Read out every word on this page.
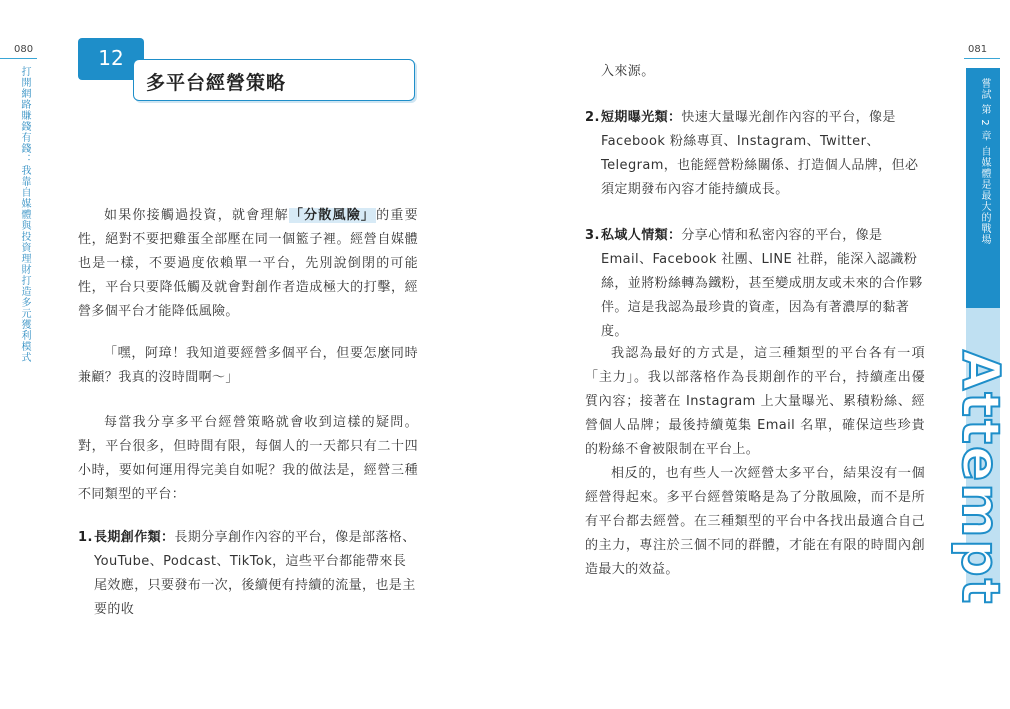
080
打開網路賺錢有錢：我靠自媒體與投資理財打造多元獲利模式
12
多平台經營策略

如果你接觸過投資，就會理解「分散風險」的重要性，絕對不要把雞蛋全部壓在同一個籃子裡。經營自媒體也是一樣，不要過度依賴單一平台，先別說倒閉的可能性，平台只要降低觸及就會對創作者造成極大的打擊，經營多個平台才能降低風險。

「嘿，阿璋！我知道要經營多個平台，但要怎麼同時兼顧？我真的沒時間啊～」

每當我分享多平台經營策略就會收到這樣的疑問。對，平台很多，但時間有限，每個人的一天都只有二十四小時，要如何運用得完美自如呢？我的做法是，經營三種不同類型的平台：

1. 長期創作類：長期分享創作內容的平台，像是部落格、YouTube、Podcast、TikTok，這些平台都能帶來長尾效應，只要發布一次，後續便有持續的流量，也是主要的收
081
入來源。
2. 短期曝光類：快速大量曝光創作內容的平台，像是 Facebook 粉絲專頁、Instagram、Twitter、Telegram，也能經營粉絲關係、打造個人品牌，但必須定期發布內容才能持續成長。
3. 私域人情類：分享心情和私密內容的平台，像是 Email、Facebook 社團、LINE 社群，能深入認識粉絲，並將粉絲轉為鐵粉，甚至變成朋友或未來的合作夥伴。這是我認為最珍貴的資產，因為有著濃厚的黏著度。

我認為最好的方式是，這三種類型的平台各有一項「主力」。我以部落格作為長期創作的平台，持續產出優質內容；接著在 Instagram 上大量曝光、累積粉絲、經營個人品牌；最後持續蒐集 Email 名單，確保這些珍貴的粉絲不會被限制在平台上。

相反的，也有些人一次經營太多平台，結果沒有一個經營得起來。多平台經營策略是為了分散風險，而不是所有平台都去經營。在三種類型的平台中各找出最適合自己的主力，專注於三個不同的群體，才能在有限的時間內創造最大的效益。

嘗試 第 2 章 自媒體是最大的戰場
Attempt
